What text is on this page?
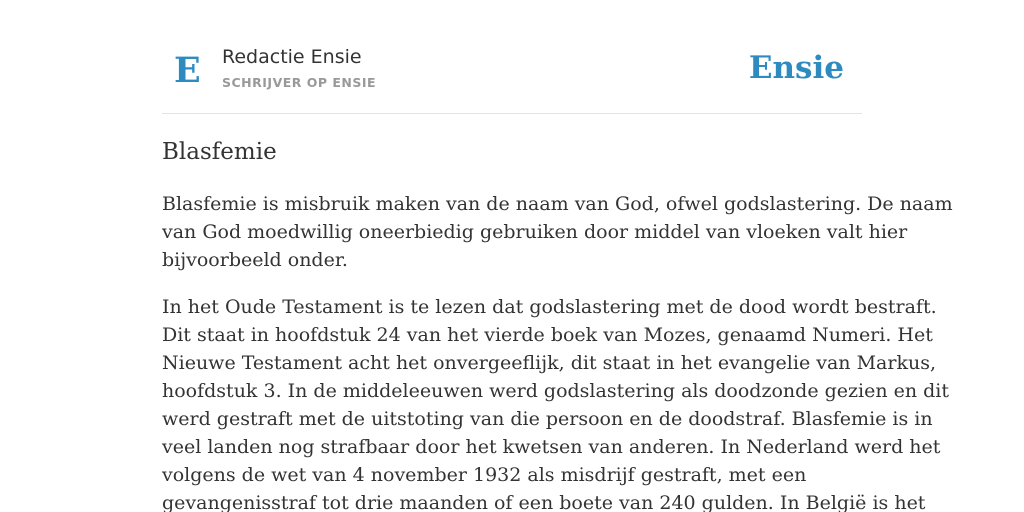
E Redactie Ensie
SCHRIJVER OP ENSIE	Ensie
Blasfemie

Blasfemie is misbruik maken van de naam van God, ofwel godslastering. De naam
van God moedwillig oneerbiedig gebruiken door middel van vloeken valt hier
bijvoorbeeld onder.

In het Oude Testament is te lezen dat godslastering met de dood wordt bestraft.
Dit staat in hoofdstuk 24 van het vierde boek van Mozes, genaamd Numeri. Het
Nieuwe Testament acht het onvergeeflijk, dit staat in het evangelie van Markus,
hoofdstuk 3. In de middeleeuwen werd godslastering als doodzonde gezien en dit
werd gestraft met de uitstoting van die persoon en de doodstraf. Blasfemie is in
veel landen nog strafbaar door het kwetsen van anderen. In Nederland werd het
volgens de wet van 4 november 1932 als misdrijf gestraft, met een
gevangenisstraf tot drie maanden of een boete van 240 gulden. In België is het
